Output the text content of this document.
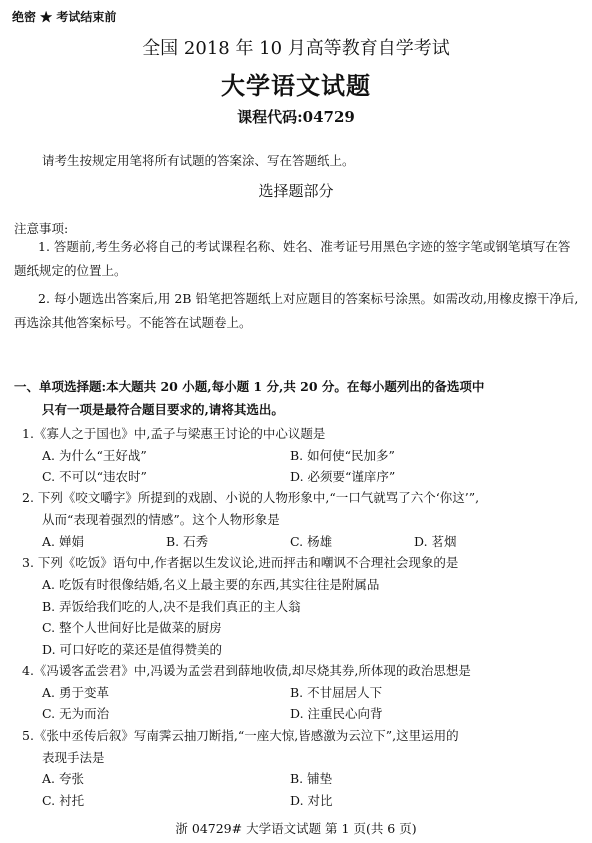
绝密 ★ 考试结束前
全国 2018 年 10 月高等教育自学考试
大学语文试题
课程代码:04729
请考生按规定用笔将所有试题的答案涂、写在答题纸上。
选择题部分
注意事项:
1. 答题前,考生务必将自己的考试课程名称、姓名、准考证号用黑色字迹的签字笔或钢笔填写在答题纸规定的位置上。
2. 每小题选出答案后,用 2B 铅笔把答题纸上对应题目的答案标号涂黑。如需改动,用橡皮擦干净后,再选涂其他答案标号。不能答在试题卷上。
一、单项选择题:本大题共 20 小题,每小题 1 分,共 20 分。在每小题列出的备选项中
只有一项是最符合题目要求的,请将其选出。
1.《寡人之于国也》中,孟子与梁惠王讨论的中心议题是
A. 为什么“王好战”	B. 如何使“民加多”
C. 不可以“违农时”	D. 必须要“谨庠序”
2. 下列《咬文嚼字》所提到的戏剧、小说的人物形象中,“一口气就骂了六个‘你这’”,
从而“表现着强烈的情感”。这个人物形象是
A. 婵娟	B. 石秀	C. 杨雄	D. 茗烟
3. 下列《吃饭》语句中,作者据以生发议论,进而抨击和嘲讽不合理社会现象的是
A. 吃饭有时很像结婚,名义上最主要的东西,其实往往是附属品
B. 弄饭给我们吃的人,决不是我们真正的主人翁
C. 整个人世间好比是做菜的厨房
D. 可口好吃的菜还是值得赞美的
4.《冯谖客孟尝君》中,冯谖为孟尝君到薛地收债,却尽烧其券,所体现的政治思想是
A. 勇于变革	B. 不甘屈居人下
C. 无为而治	D. 注重民心向背
5.《张中丞传后叙》写南霁云抽刀断指,“一座大惊,皆感激为云泣下”,这里运用的
表现手法是
A. 夸张	B. 铺垫
C. 衬托	D. 对比
浙 04729# 大学语文试题 第 1 页(共 6 页)
